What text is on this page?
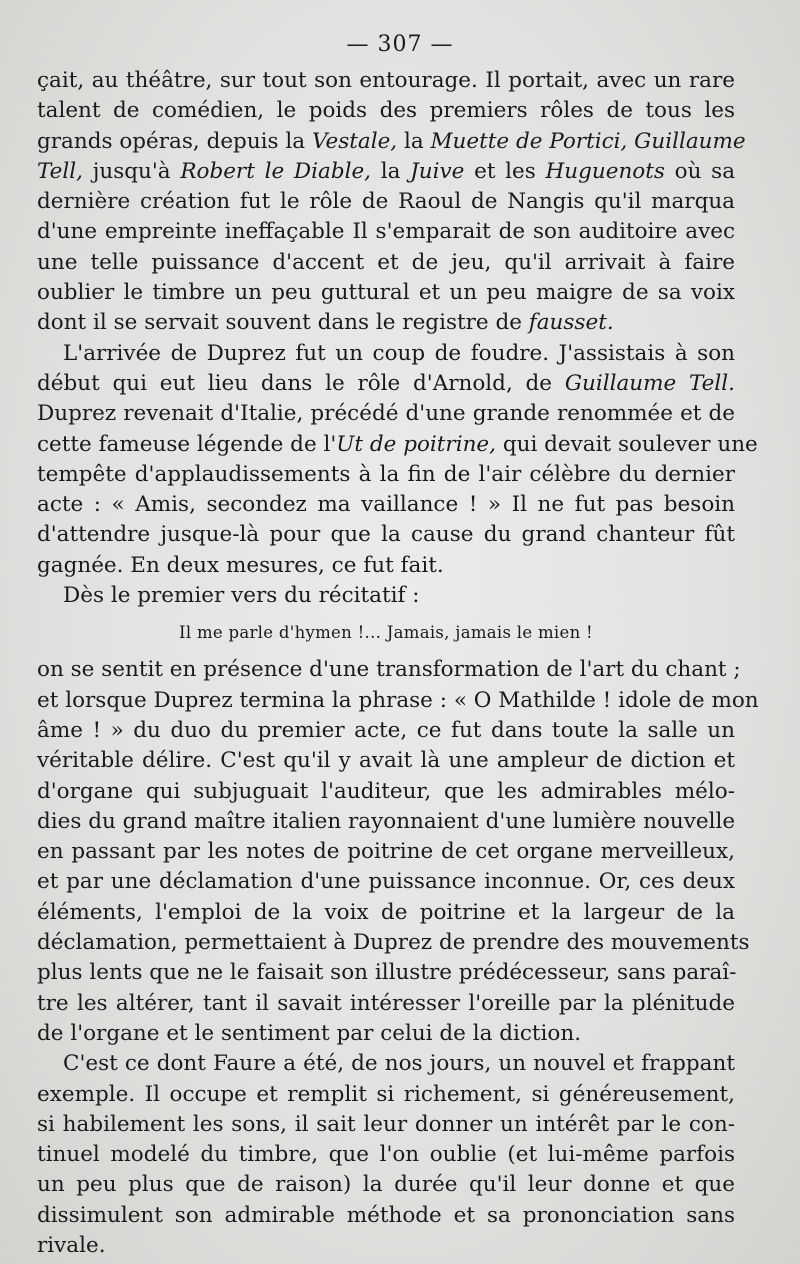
— 307 —
çait, au théâtre, sur tout son entourage. Il portait, avec un rare
talent de comédien, le poids des premiers rôles de tous les
grands opéras, depuis la Vestale, la Muette de Portici, Guillaume
Tell, jusqu'à Robert le Diable, la Juive et les Huguenots où sa
dernière création fut le rôle de Raoul de Nangis qu'il marqua
d'une empreinte ineffaçable Il s'emparait de son auditoire avec
une telle puissance d'accent et de jeu, qu'il arrivait à faire
oublier le timbre un peu guttural et un peu maigre de sa voix
dont il se servait souvent dans le registre de fausset.
L'arrivée de Duprez fut un coup de foudre. J'assistais à son
début qui eut lieu dans le rôle d'Arnold, de Guillaume Tell.
Duprez revenait d'Italie, précédé d'une grande renommée et de
cette fameuse légende de l'Ut de poitrine, qui devait soulever une
tempête d'applaudissements à la fin de l'air célèbre du dernier
acte : « Amis, secondez ma vaillance ! » Il ne fut pas besoin
d'attendre jusque-là pour que la cause du grand chanteur fût
gagnée. En deux mesures, ce fut fait.
Dès le premier vers du récitatif :
Il me parle d'hymen !... Jamais, jamais le mien !
on se sentit en présence d'une transformation de l'art du chant ;
et lorsque Duprez termina la phrase : « O Mathilde ! idole de mon
âme ! » du duo du premier acte, ce fut dans toute la salle un
véritable délire. C'est qu'il y avait là une ampleur de diction et
d'organe qui subjuguait l'auditeur, que les admirables mélo-
dies du grand maître italien rayonnaient d'une lumière nouvelle
en passant par les notes de poitrine de cet organe merveilleux,
et par une déclamation d'une puissance inconnue. Or, ces deux
éléments, l'emploi de la voix de poitrine et la largeur de la
déclamation, permettaient à Duprez de prendre des mouvements
plus lents que ne le faisait son illustre prédécesseur, sans paraî-
tre les altérer, tant il savait intéresser l'oreille par la plénitude
de l'organe et le sentiment par celui de la diction.
C'est ce dont Faure a été, de nos jours, un nouvel et frappant
exemple. Il occupe et remplit si richement, si généreusement,
si habilement les sons, il sait leur donner un intérêt par le con-
tinuel modelé du timbre, que l'on oublie (et lui-même parfois
un peu plus que de raison) la durée qu'il leur donne et que
dissimulent son admirable méthode et sa prononciation sans
rivale.
